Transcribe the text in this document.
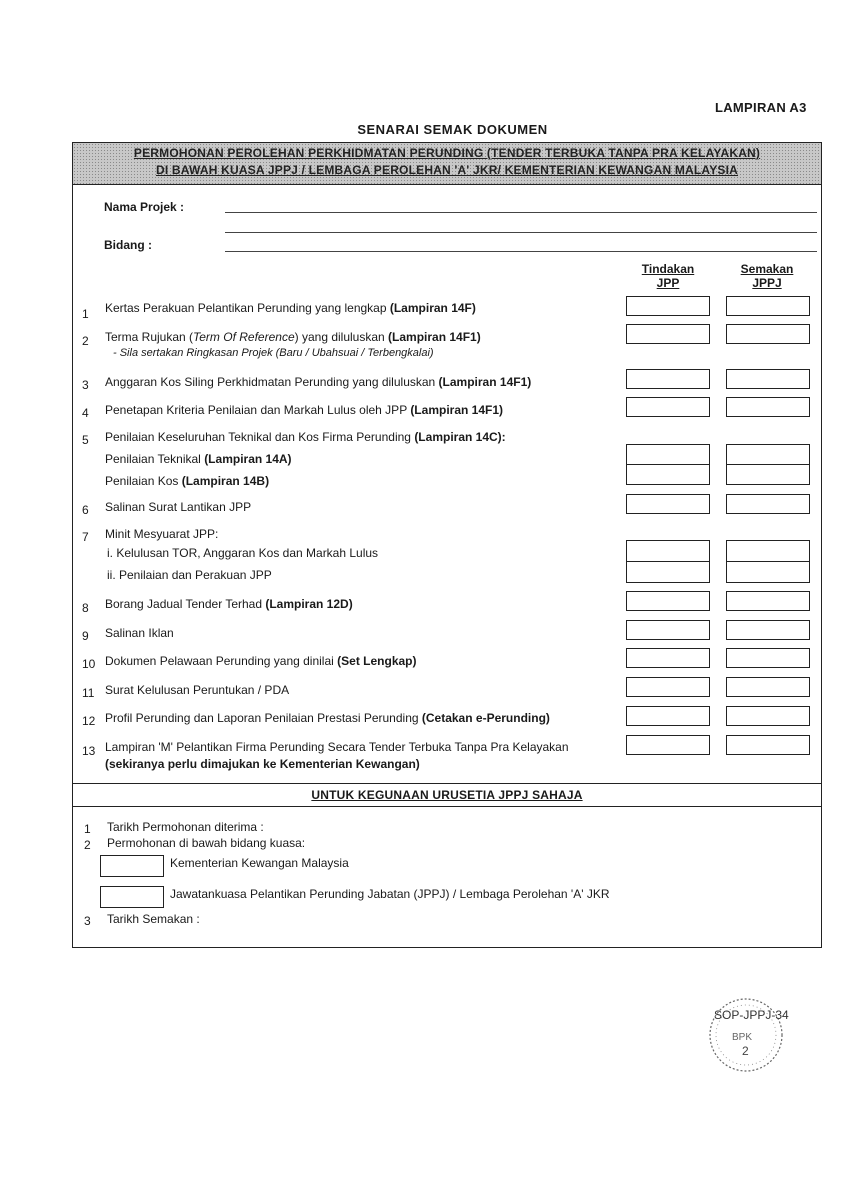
LAMPIRAN A3
SENARAI SEMAK DOKUMEN
PERMOHONAN PEROLEHAN PERKHIDMATAN PERUNDING (TENDER TERBUKA TANPA PRA KELAYAKAN)
DI BAWAH KUASA JPPJ / LEMBAGA PEROLEHAN 'A' JKR/ KEMENTERIAN KEWANGAN MALAYSIA
Nama Projek :
Bidang :
Tindakan
JPP
Semakan
JPPJ
1	Kertas Perakuan Pelantikan Perunding yang lengkap (Lampiran 14F)
2	Terma Rujukan (Term Of Reference) yang diluluskan (Lampiran 14F1)
- Sila sertakan Ringkasan Projek (Baru / Ubahsuai / Terbengkalai)
3	Anggaran Kos Siling Perkhidmatan Perunding yang diluluskan (Lampiran 14F1)
4	Penetapan Kriteria Penilaian dan Markah Lulus oleh JPP (Lampiran 14F1)
5	Penilaian Keseluruhan Teknikal dan Kos Firma Perunding (Lampiran 14C):
Penilaian Teknikal (Lampiran 14A)
Penilaian Kos (Lampiran 14B)
6	Salinan Surat Lantikan JPP
7	Minit Mesyuarat JPP:
i. Kelulusan TOR, Anggaran Kos dan Markah Lulus
ii. Penilaian dan Perakuan JPP
8	Borang Jadual Tender Terhad (Lampiran 12D)
9	Salinan Iklan
10 Dokumen Pelawaan Perunding yang dinilai (Set Lengkap)
11 Surat Kelulusan Peruntukan / PDA
12 Profil Perunding dan Laporan Penilaian Prestasi Perunding (Cetakan e-Perunding)
13 Lampiran 'M' Pelantikan Firma Perunding Secara Tender Terbuka Tanpa Pra Kelayakan
(sekiranya perlu dimajukan ke Kementerian Kewangan)
UNTUK KEGUNAAN URUSETIA JPPJ SAHAJA
1 Tarikh Permohonan diterima :
2 Permohonan di bawah bidang kuasa:
Kementerian Kewangan Malaysia
Jawatankuasa Pelantikan Perunding Jabatan (JPPJ) / Lembaga Perolehan 'A' JKR
3 Tarikh Semakan :
SOP-JPPJ-34
BPK
2
